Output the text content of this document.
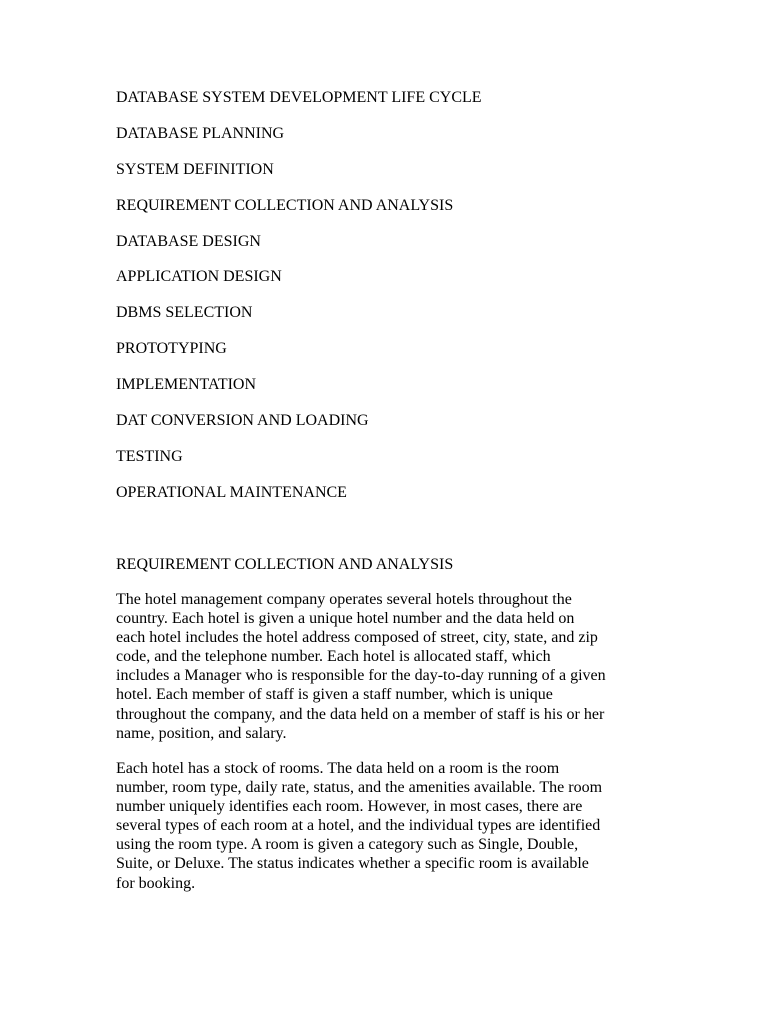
DATABASE SYSTEM DEVELOPMENT LIFE CYCLE
DATABASE PLANNING
SYSTEM DEFINITION
REQUIREMENT COLLECTION AND ANALYSIS
DATABASE DESIGN
APPLICATION DESIGN
DBMS SELECTION
PROTOTYPING
IMPLEMENTATION
DAT CONVERSION AND LOADING
TESTING
OPERATIONAL MAINTENANCE
REQUIREMENT COLLECTION AND ANALYSIS

The hotel management company operates several hotels throughout the
country. Each hotel is given a unique hotel number and the data held on
each hotel includes the hotel address composed of street, city, state, and zip
code, and the telephone number. Each hotel is allocated staff, which
includes a Manager who is responsible for the day-to-day running of a given
hotel. Each member of staff is given a staff number, which is unique
throughout the company, and the data held on a member of staff is his or her
name, position, and salary.

Each hotel has a stock of rooms. The data held on a room is the room
number, room type, daily rate, status, and the amenities available. The room
number uniquely identifies each room. However, in most cases, there are
several types of each room at a hotel, and the individual types are identified
using the room type. A room is given a category such as Single, Double,
Suite, or Deluxe. The status indicates whether a specific room is available
for booking.
